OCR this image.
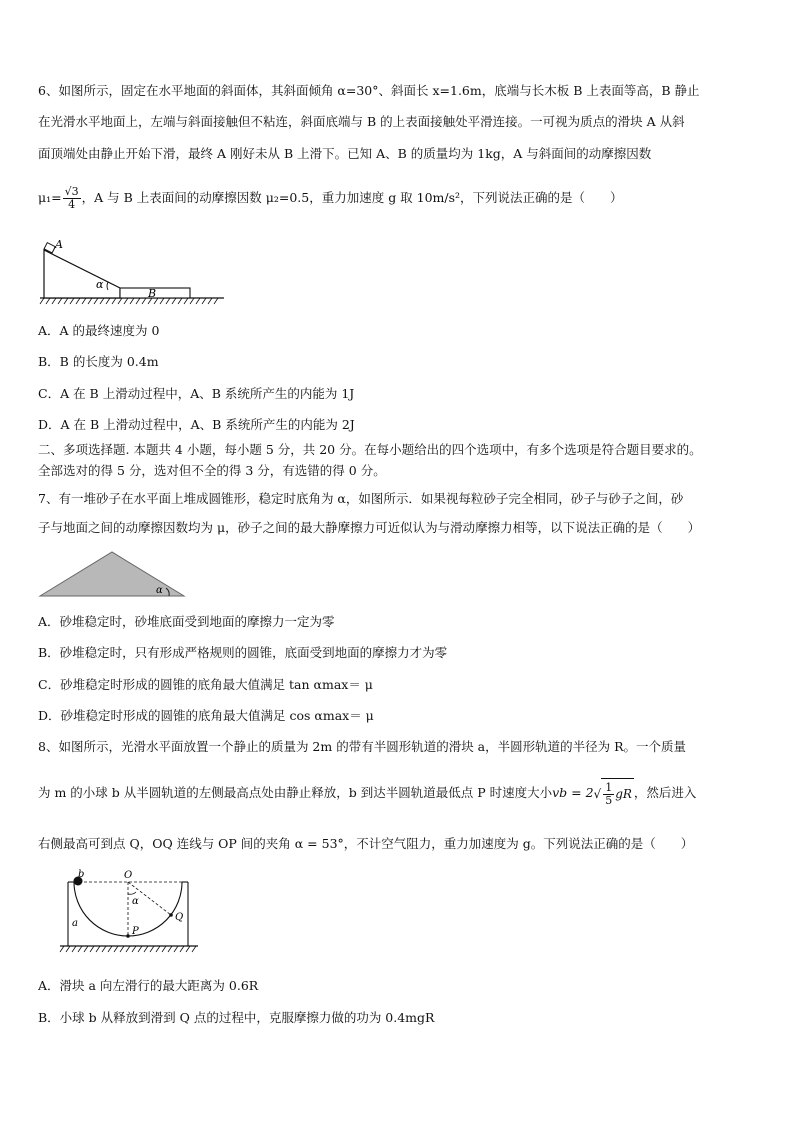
6、如图所示，固定在水平地面的斜面体，其斜面倾角 α=30°、斜面长 x=1.6m，底端与长木板 B 上表面等高，B 静止
在光滑水平地面上，左端与斜面接触但不粘连，斜面底端与 B 的上表面接触处平滑连接。一可视为质点的滑块 A 从斜
面顶端处由静止开始下滑，最终 A 刚好未从 B 上滑下。已知 A、B 的质量均为 1kg，A 与斜面间的动摩擦因数
$\mu_1= \frac{√3}{4}$ ，A 与 B 上表面间的动摩擦因数 μ₂=0.5，重力加速度 g 取 10m/s²，下列说法正确的是（　　）
A
α
B
A．A 的最终速度为 0
B．B 的长度为 0.4m
C．A 在 B 上滑动过程中，A、B 系统所产生的内能为 1J
D．A 在 B 上滑动过程中，A、B 系统所产生的内能为 2J
二、多项选择题. 本题共 4 小题，每小题 5 分，共 20 分。在每小题给出的四个选项中，有多个选项是符合题目要求的。
全部选对的得 5 分，选对但不全的得 3 分，有选错的得 0 分。
7、有一堆砂子在水平面上堆成圆锥形，稳定时底角为 α，如图所示．如果视每粒砂子完全相同，砂子与砂子之间，砂
子与地面之间的动摩擦因数均为 μ，砂子之间的最大静摩擦力可近似认为与滑动摩擦力相等，以下说法正确的是（　　）
α
A．砂堆稳定时，砂堆底面受到地面的摩擦力一定为零
B．砂堆稳定时，只有形成严格规则的圆锥，底面受到地面的摩擦力才为零
C．砂堆稳定时形成的圆锥的底角最大值满足 tan αmax＝ μ
D．砂堆稳定时形成的圆锥的底角最大值满足 cos αmax＝ μ
8、如图所示，光滑水平面放置一个静止的质量为 2m 的带有半圆形轨道的滑块 a，半圆形轨道的半径为 R。一个质量
为 m 的小球 b 从半圆轨道的左侧最高点处由静止释放，b 到达半圆轨道最低点 P 时速度大小vb = $2√ \frac{1}{5}$ gR ，然后进入
右侧最高可到点 Q，OQ 连线与 OP 间的夹角 α = 53°，不计空气阻力，重力加速度为 g。下列说法正确的是（　　）
b	O
α
Q
P
a
A．滑块 a 向左滑行的最大距离为 0.6R
B．小球 b 从释放到滑到 Q 点的过程中，克服摩擦力做的功为 0.4mgR
